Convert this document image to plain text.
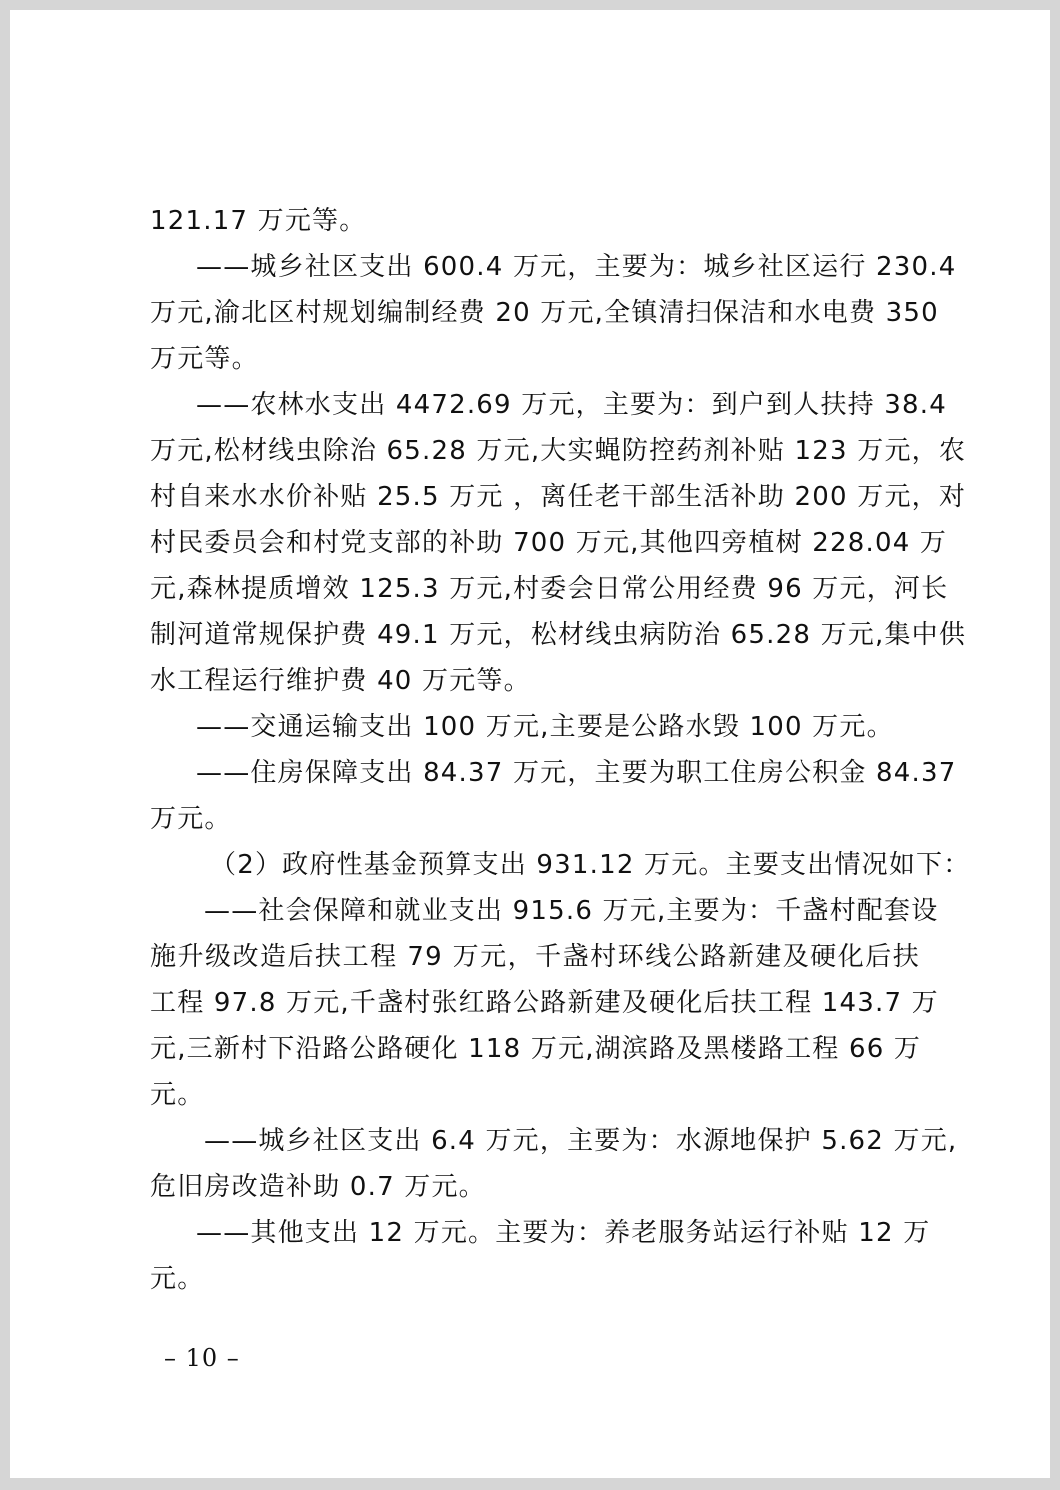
121.17 万元等。
——城乡社区支出 600.4 万元，主要为：城乡社区运行 230.4
万元,渝北区村规划编制经费 20 万元,全镇清扫保洁和水电费 350
万元等。
——农林水支出 4472.69 万元，主要为：到户到人扶持 38.4
万元,松材线虫除治 65.28 万元,大实蝇防控药剂补贴 123 万元，农
村自来水水价补贴 25.5 万元 ，离任老干部生活补助 200 万元，对
村民委员会和村党支部的补助 700 万元,其他四旁植树 228.04 万
元,森林提质增效 125.3 万元,村委会日常公用经费 96 万元，河长
制河道常规保护费 49.1 万元，松材线虫病防治 65.28 万元,集中供
水工程运行维护费 40 万元等。
——交通运输支出 100 万元,主要是公路水毁 100 万元。
——住房保障支出 84.37 万元，主要为职工住房公积金 84.37
万元。
（2）政府性基金预算支出 931.12 万元。主要支出情况如下：
——社会保障和就业支出 915.6 万元,主要为：千盏村配套设
施升级改造后扶工程 79 万元，千盏村环线公路新建及硬化后扶
工程 97.8 万元,千盏村张红路公路新建及硬化后扶工程 143.7 万
元,三新村下沿路公路硬化 118 万元,湖滨路及黑楼路工程 66 万
元。
——城乡社区支出 6.4 万元，主要为：水源地保护 5.62 万元,
危旧房改造补助 0.7 万元。
——其他支出 12 万元。主要为：养老服务站运行补贴 12 万
元。
– 10 –
